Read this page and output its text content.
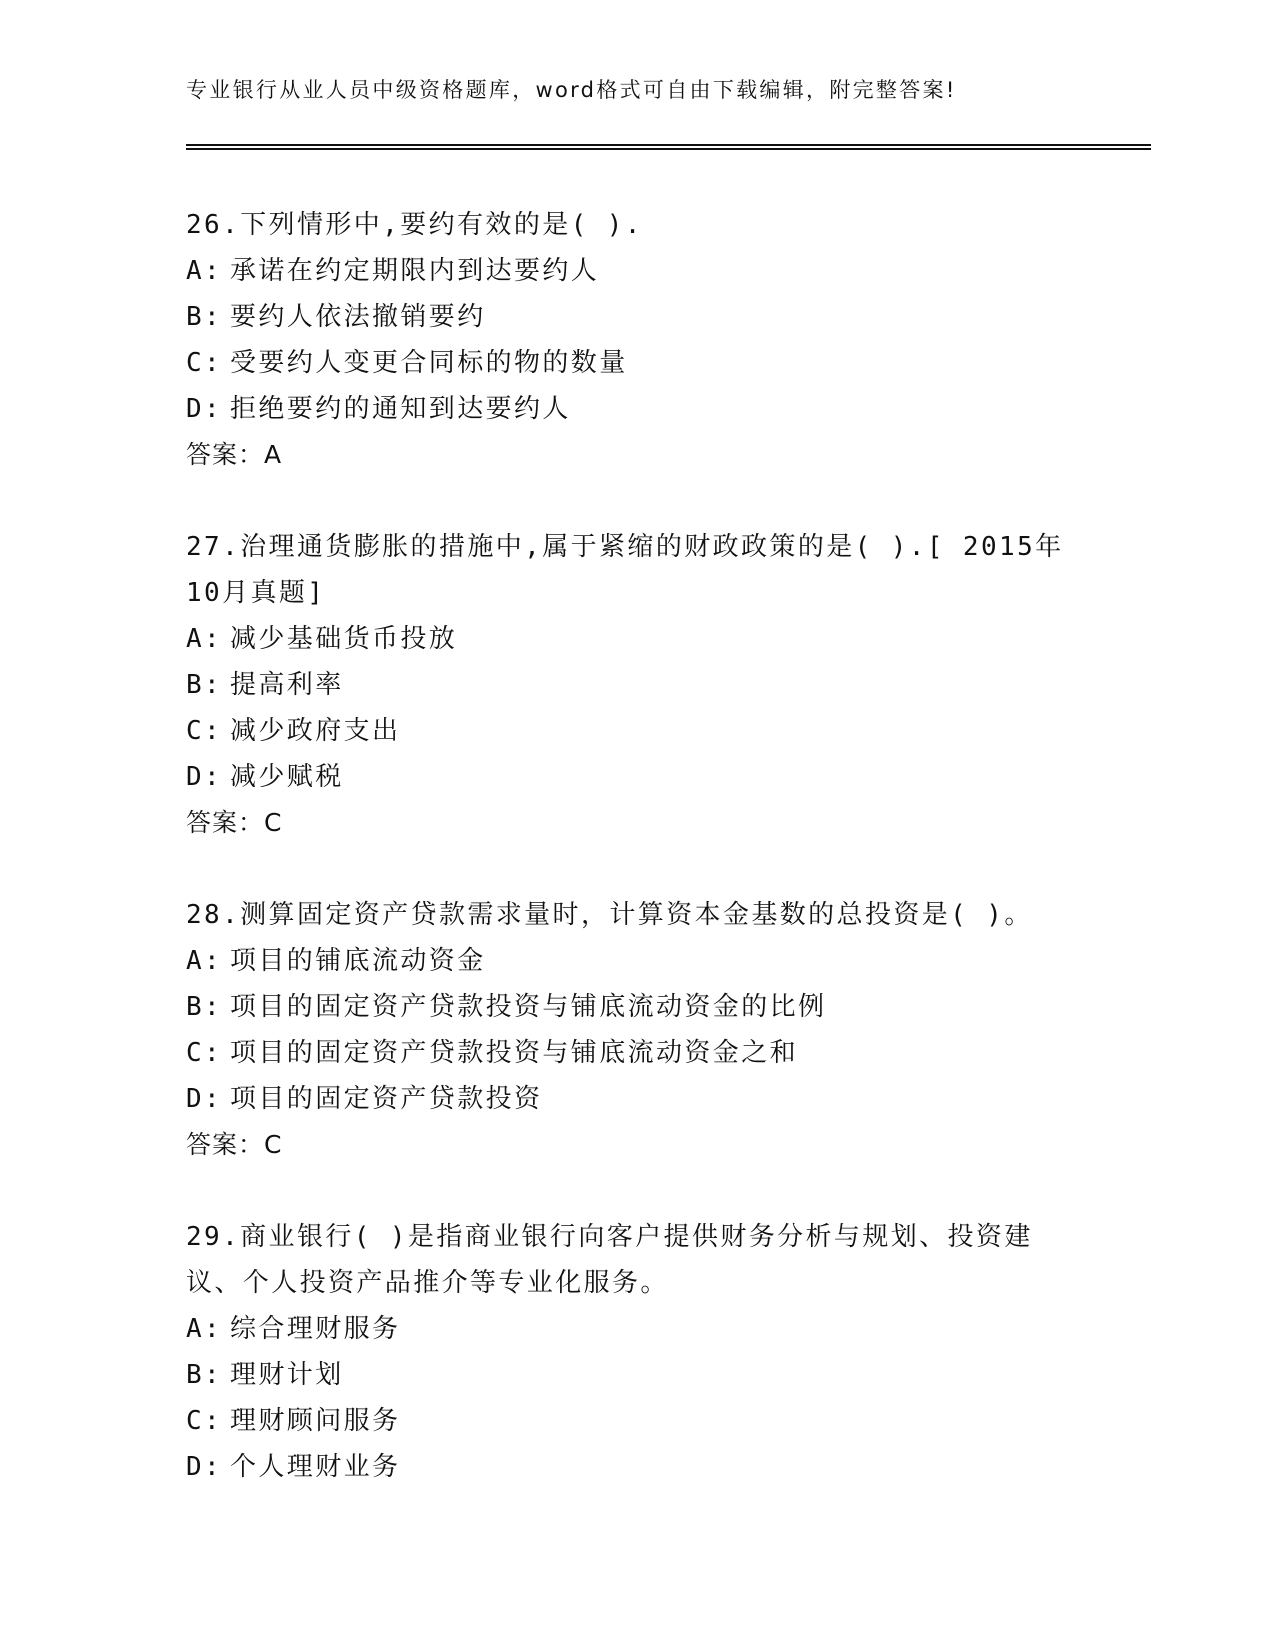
专业银行从业人员中级资格题库，word格式可自由下载编辑，附完整答案!

26.下列情形中,要约有效的是( ).

A: 承诺在约定期限内到达要约人

B: 要约人依法撤销要约

C: 受要约人变更合同标的物的数量

D: 拒绝要约的通知到达要约人

答案：A

27.治理通货膨胀的措施中,属于紧缩的财政政策的是( ).[ 2015年10月真题]

A: 减少基础货币投放

B: 提高利率

C: 减少政府支出

D: 减少赋税

答案：C

28.测算固定资产贷款需求量时，计算资本金基数的总投资是( )。

A: 项目的铺底流动资金

B: 项目的固定资产贷款投资与铺底流动资金的比例

C: 项目的固定资产贷款投资与铺底流动资金之和

D: 项目的固定资产贷款投资

答案：C

29.商业银行( )是指商业银行向客户提供财务分析与规划、投资建议、个人投资产品推介等专业化服务。

A: 综合理财服务

B: 理财计划

C: 理财顾问服务

D: 个人理财业务
